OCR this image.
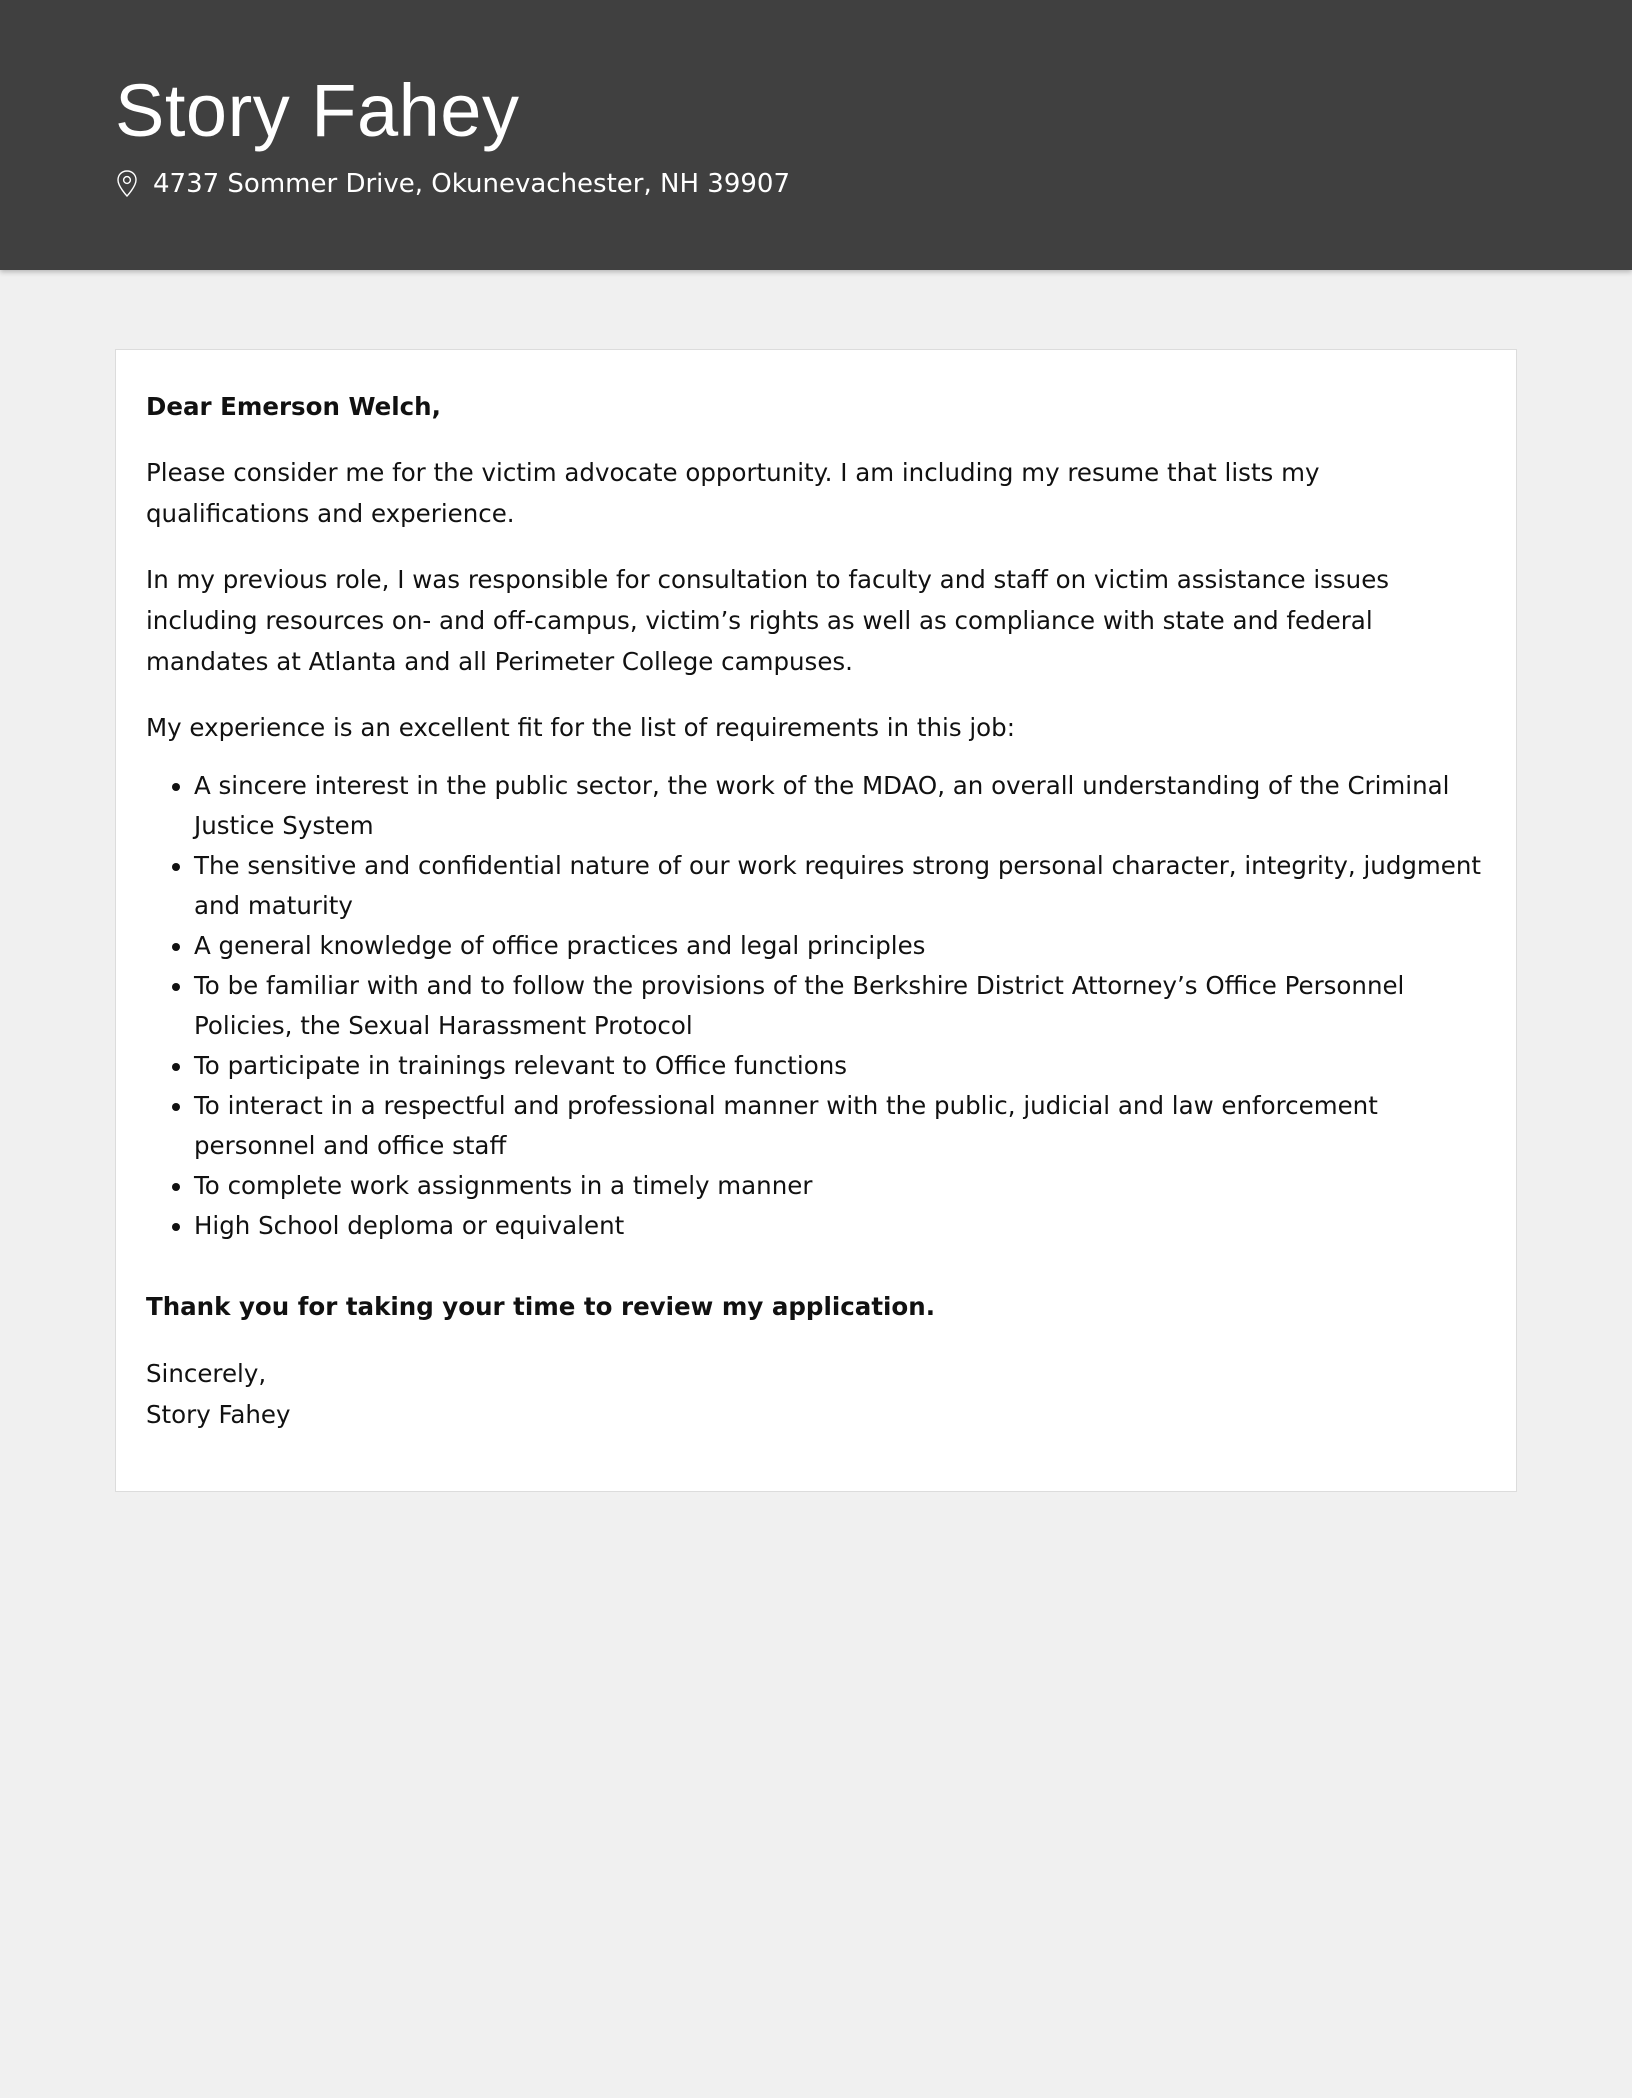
Story Fahey
4737 Sommer Drive, Okunevachester, NH 39907

Dear Emerson Welch,

Please consider me for the victim advocate opportunity. I am including my resume that lists my qualifications and experience.

In my previous role, I was responsible for consultation to faculty and staff on victim assistance issues including resources on- and off-campus, victim’s rights as well as compliance with state and federal mandates at Atlanta and all Perimeter College campuses.

My experience is an excellent fit for the list of requirements in this job:

• A sincere interest in the public sector, the work of the MDAO, an overall understanding of the Criminal Justice System
• The sensitive and confidential nature of our work requires strong personal character, integrity, judgment and maturity
• A general knowledge of office practices and legal principles
• To be familiar with and to follow the provisions of the Berkshire District Attorney’s Office Personnel Policies, the Sexual Harassment Protocol
• To participate in trainings relevant to Office functions
• To interact in a respectful and professional manner with the public, judicial and law enforcement personnel and office staff
• To complete work assignments in a timely manner
• High School deploma or equivalent

Thank you for taking your time to review my application.

Sincerely,

Story Fahey
